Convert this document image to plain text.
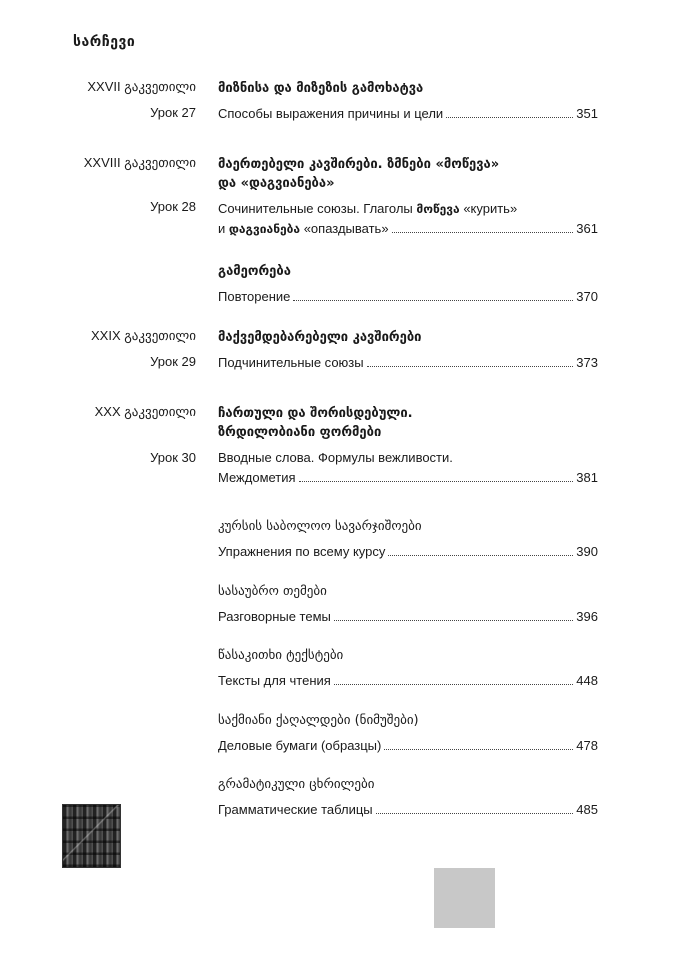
სარჩევი
XXVII გაკვეთილი
Урок 27

მიზნისა და მიზეზის გამოხატვა

Способы выражения причины и цели	351
XXVIII გაკვეთილი
Урок 28

მაერთებელი კავშირები. ზმნები «მოწევა»

და «დაგვიანება»

Сочинительные союзы. Глаголы მოწევა «курить»
и დაგვიანება «опаздывать»	361

გამეორება

Повторение	370
XXIX გაკვეთილი
Урок 29

მაქვემდებარებელი კავშირები

Подчинительные союзы	373
XXX გაკვეთილი
Урок 30

ჩართული და შორისდებული.

ზრდილობიანი ფორმები

Вводные слова. Формулы вежливости.
Междометия	381

კურსის საბოლოო სავარჯიშოები

Упражнения по всему курсу	390

სასაუბრო თემები

Разговорные темы	396

წასაკითხი ტექსტები

Тексты для чтения	448

საქმიანი ქაღალდები (ნიმუშები)

Деловые бумаги (образцы)	478

გრამატიკული ცხრილები

Грамматические таблицы	485
